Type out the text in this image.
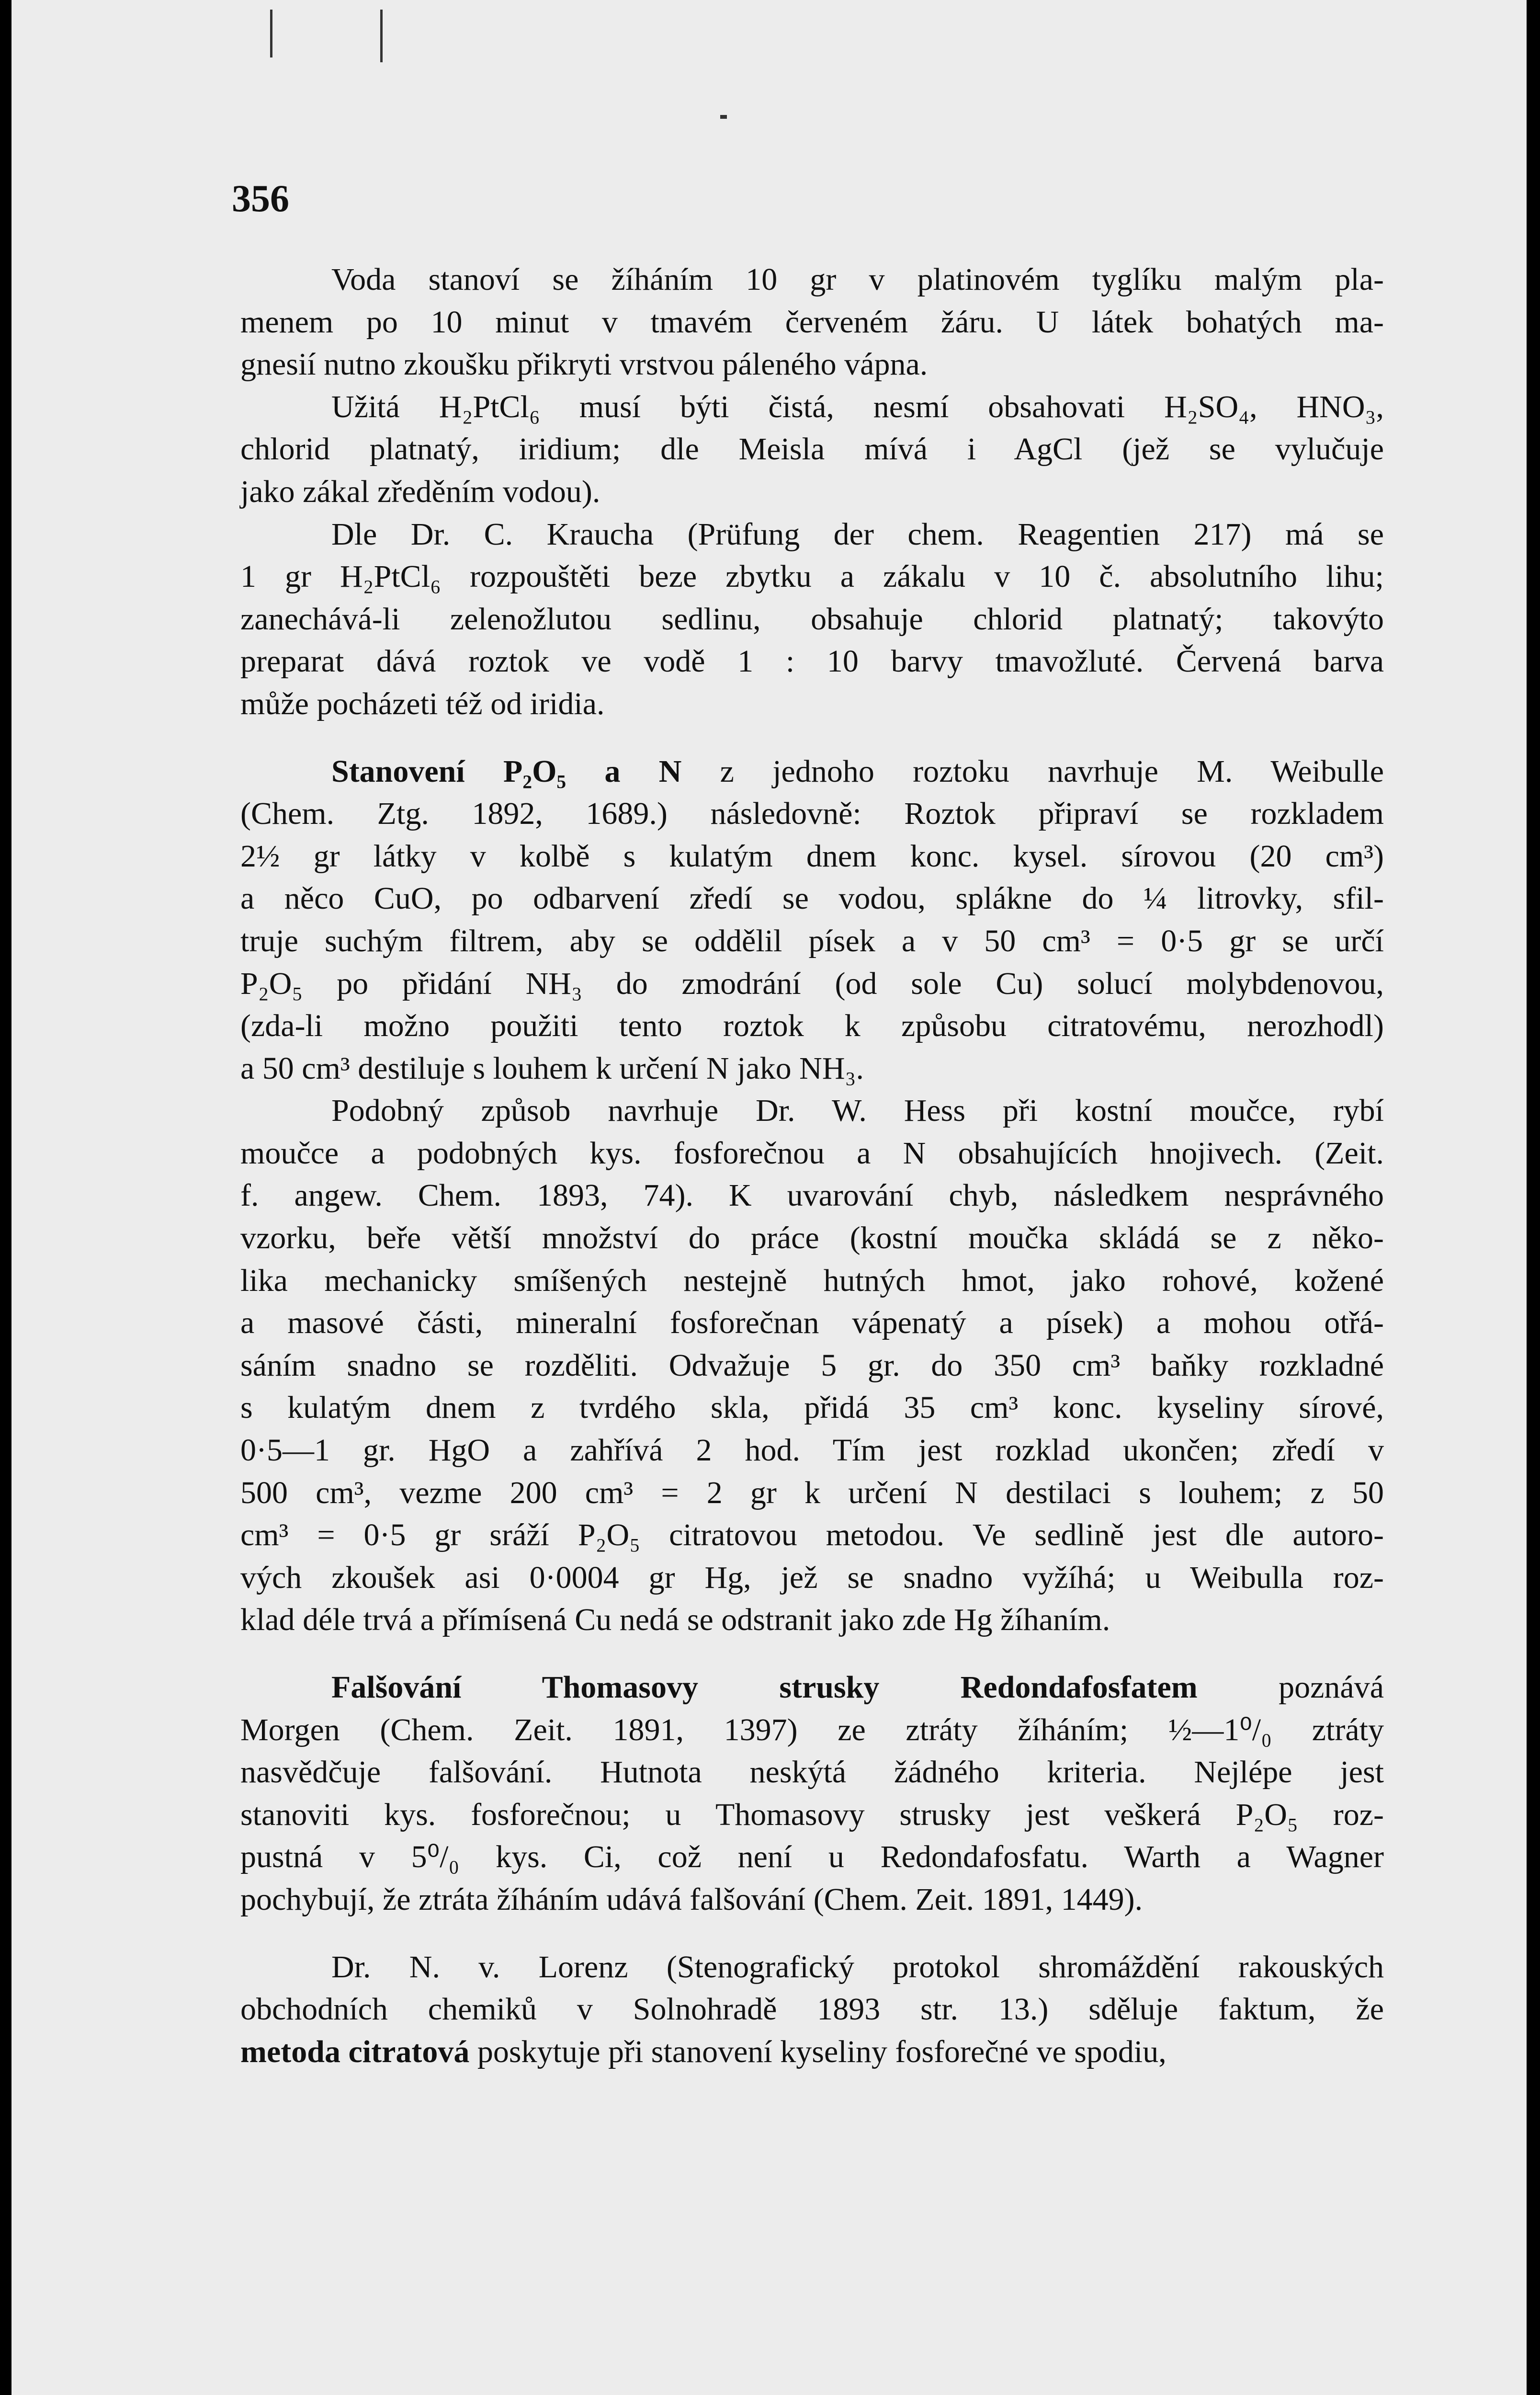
356

Voda stanoví se žíháním 10 gr v platinovém tyglíku malým pla-
menem po 10 minut v tmavém červeném žáru. U látek bohatých ma-
gnesií nutno zkoušku přikryti vrstvou páleného vápna.

Užitá H₂PtCl₆ musí býti čistá, nesmí obsahovati H₂SO₄, HNO₃,
chlorid platnatý, iridium; dle Meisla mívá i AgCl (jež se vylučuje
jako zákal zředěním vodou).

Dle Dr. C. Kraucha (Prüfung der chem. Reagentien 217) má se
1 gr H₂PtCl₆ rozpouštěti beze zbytku a zákalu v 10 č. absolutního lihu;
zanechává-li zelenožlutou sedlinu, obsahuje chlorid platnatý; takovýto
preparat dává roztok ve vodě 1 : 10 barvy tmavožluté. Červená barva
může pocházeti též od iridia.

Stanovení P₂O₅ a N z jednoho roztoku navrhuje M. Weibulle
(Chem. Ztg. 1892, 1689.) následovně: Roztok připraví se rozkladem
2½ gr látky v kolbě s kulatým dnem konc. kysel. sírovou (20 cm³)
a něco CuO, po odbarvení zředí se vodou, spláknе do ¼ litrovky, sfil-
truje suchým filtrem, aby se oddělil písek a v 50 cm³ = 0·5 gr se určí
P₂O₅ po přidání NH₃ do zmodrání (od sole Cu) solucí molybdenovou,
(zda-li možno použiti tento roztok k způsobu citratovému, nerozhodl)
a 50 cm³ destiluje s louhem k určení N jako NH₃.

Podobný způsob navrhuje Dr. W. Hess při kostní moučce, rybí
moučce a podobných kys. fosforečnou a N obsahujících hnojivech. (Zeit.
f. angew. Chem. 1893, 74). K uvarování chyb, následkem nesprávného
vzorku, beře větší množství do práce (kostní moučka skládá se z něko-
lika mechanicky smíšených nestejně hutných hmot, jako rohové, kožené
a masové části, mineralní fosforečnan vápenatý a písek) a mohou otřá-
sáním snadno se rozděliti. Odvažuje 5 gr. do 350 cm³ baňky rozkladné
s kulatým dnem z tvrdého skla, přidá 35 cm³ konc. kyseliny sírové,
0·5—1 gr. HgO a zahřívá 2 hod. Tím jest rozklad ukončen; zředí v
500 cm³, vezme 200 cm³ = 2 gr k určení N destilaci s louhem; z 50
cm³ = 0·5 gr sráží P₂O₅ citratovou metodou. Ve sedlině jest dle autoro-
vých zkoušek asi 0·0004 gr Hg, jež se snadno vyžíhá; u Weibulla roz-
klad déle trvá a přímísená Cu nedá se odstranit jako zde Hg žíhaním.

Falšování Thomasovy strusky Redondafosfatem poznává
Morgen (Chem. Zeit. 1891, 1397) ze ztráty žíháním; ½—1⁰/₀ ztráty
nasvědčuje falšování. Hutnota neskýtá žádného kriteria. Nejlépe jest
stanoviti kys. fosforečnou; u Thomasovy strusky jest veškerá P₂O₅ roz-
pustná v 5⁰/₀ kys. Ci, což není u Redondafosfatu. Warth a Wagner
pochybují, že ztráta žíháním udává falšování (Chem. Zeit. 1891, 1449).

Dr. N. v. Lorenz (Stenografický protokol shromáždění rakouských
obchodních chemiků v Solnohradě 1893 str. 13.) sděluje faktum, že
metoda citratová poskytuje při stanovení kyseliny fosforečné ve spodiu,
